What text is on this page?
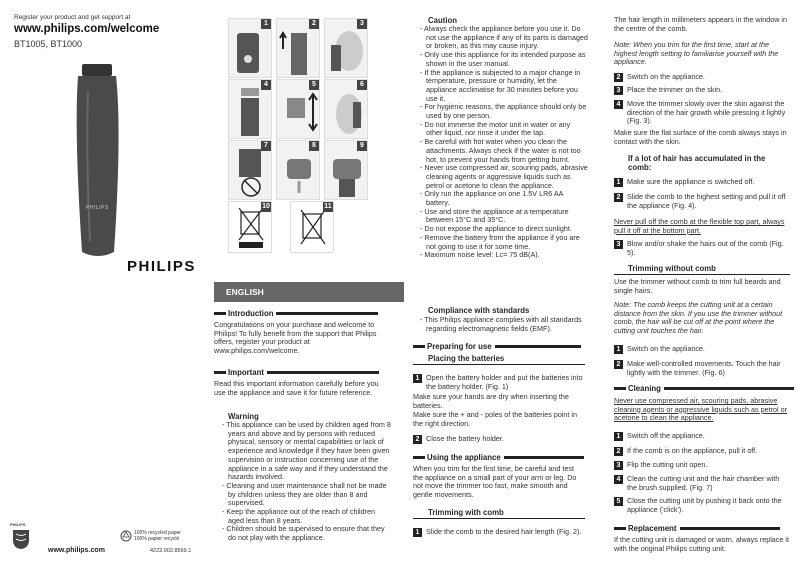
Register your product and get support at
www.philips.com/welcome
BT1005, BT1000
PHILIPS
PHILIPS
PHILIPS
www.philips.com
100% recycled paper
100% papier recyclé
4222.002.8569.1
1	2	3
4	5	6
7	8	9
10	11
ENGLISH
Introduction
Congratulations on your purchase and welcome to Philips! To fully benefit from the support that Philips offers, register your product at www.philips.com/welcome.
Important
Read this important information carefully before you use the appliance and save it for future reference.
Warning
- This appliance can be used by children aged from 8 years and above and by persons with reduced physical, sensory or mental capabilities or lack of experience and knowledge if they have been given supervision or instruction concerning use of the appliance in a safe way and if they understand the hazards involved.
- Cleaning and user maintenance shall not be made by children unless they are older than 8 and supervised.
- Keep the appliance out of the reach of children aged less than 8 years.
- Children should be supervised to ensure that they do not play with the appliance.
Caution
- Always check the appliance before you use it. Do not use the appliance if any of its parts is damaged or broken, as this may cause injury.
- Only use this appliance for its intended purpose as shown in the user manual.
- If the appliance is subjected to a major change in temperature, pressure or humidity, let the appliance acclimatise for 30 minutes before you use it.
- For hygienic reasons, the appliance should only be used by one person.
- Do not immerse the motor unit in water or any other liquid, nor rinse it under the tap.
- Be careful with hot water when you clean the attachments. Always check if the water is not too hot, to prevent your hands from getting burnt.
- Never use compressed air, scouring pads, abrasive cleaning agents or aggressive liquids such as petrol or acetone to clean the appliance.
- Only run the appliance on one 1.5V LR6 AA battery.
- Use and store the appliance at a temperature between 15°C and 35°C.
- Do not expose the appliance to direct sunlight.
- Remove the battery from the appliance if you are not going to use it for some time.
- Maximum noise level: Lc= 75 dB(A).
Compliance with standards
- This Philips appliance complies with all standards regarding electromagnetic fields (EMF).
Preparing for use
Placing the batteries
1 Open the battery holder and put the batteries into the battery holder. (Fig. 1)
Make sure your hands are dry when inserting the batteries.
Make sure the + and - poles of the batteries point in the right direction.
2 Close the battery holder.
Using the appliance
When you trim for the first time, be careful and test the appliance on a small part of your arm or leg. Do not move the trimmer too fast, make smooth and gentle movements.
Trimming with comb
1 Slide the comb to the desired hair length (Fig. 2).
The hair length in millimeters appears in the window in the centre of the comb.
Note: When you trim for the first time, start at the highest length setting to familiarise yourself with the appliance.
2 Switch on the appliance.
3 Place the trimmer on the skin.
4 Move the trimmer slowly over the skin against the direction of the hair growth while pressing it lightly (Fig. 3).
Make sure the flat surface of the comb always stays in contact with the skin.
If a lot of hair has accumulated in the comb:
1 Make sure the appliance is switched off.
2 Slide the comb to the highest setting and pull it off the appliance (Fig. 4).
Never pull off the comb at the flexible top part, always pull it off at the bottom part.
3 Blow and/or shake the hairs out of the comb (Fig. 5).
Trimming without comb
Use the trimmer without comb to trim full beards and single hairs.
Note: The comb keeps the cutting unit at a certain distance from the skin. If you use the trimmer without comb, the hair will be cut off at the point where the cutting unit touches the hair.
1 Switch on the appliance.
2 Make well-controlled movements. Touch the hair lightly with the trimmer. (Fig. 6)
Cleaning
Never use compressed air, scouring pads, abrasive cleaning agents or aggressive liquids such as petrol or acetone to clean the appliance.
1 Switch off the appliance.
2 If the comb is on the appliance, pull it off.
3 Flip the cutting unit open.
4 Clean the cutting unit and the hair chamber with the brush supplied. (Fig. 7)
5 Close the cutting unit by pushing it back onto the appliance ('click').
Replacement
If the cutting unit is damaged or worn, always replace it with the original Philips cutting unit.
